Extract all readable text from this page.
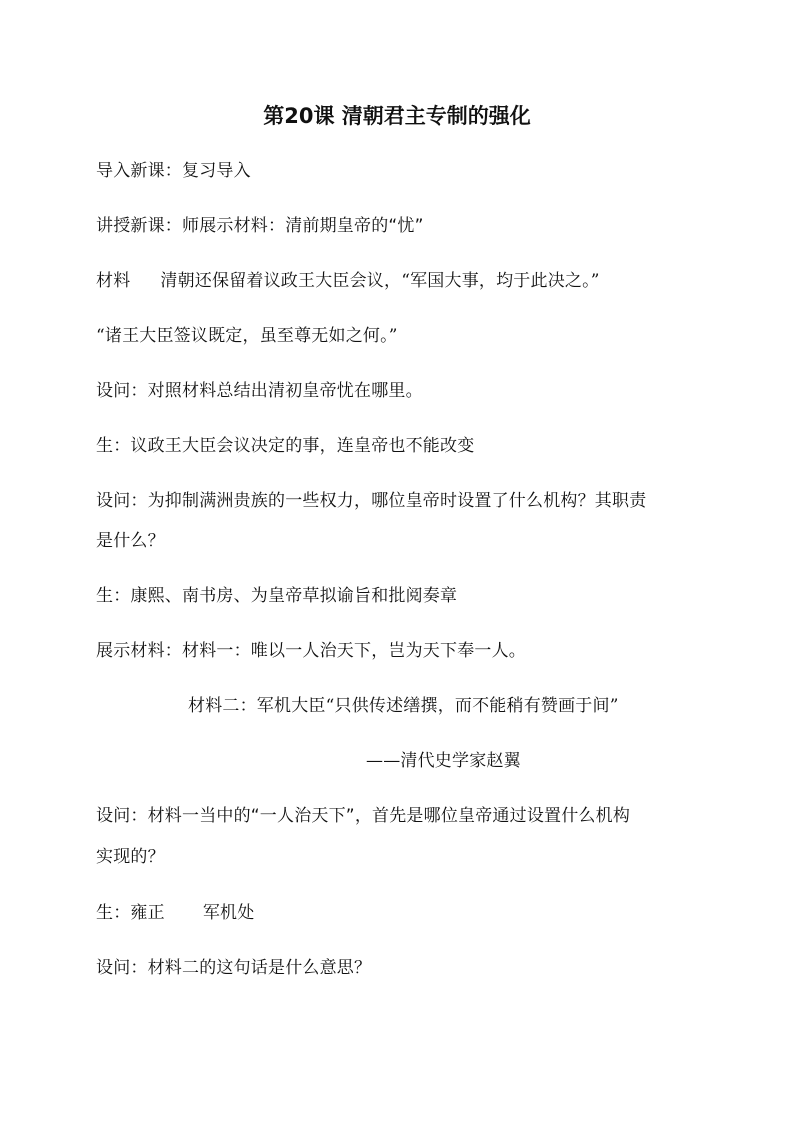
第20课 清朝君主专制的强化
导入新课：复习导入
讲授新课：师展示材料：清前期皇帝的“忧”
材料 清朝还保留着议政王大臣会议，“军国大事，均于此决之。”
“诸王大臣签议既定，虽至尊无如之何。”
设问：对照材料总结出清初皇帝忧在哪里。
生：议政王大臣会议决定的事，连皇帝也不能改变
设问：为抑制满洲贵族的一些权力，哪位皇帝时设置了什么机构？其职责
是什么？
生：康熙、南书房、为皇帝草拟谕旨和批阅奏章
展示材料：材料一：唯以一人治天下，岂为天下奉一人。
材料二：军机大臣“只供传述缮撰，而不能稍有赞画于间”
——清代史学家赵翼
设问：材料一当中的“一人治天下”，首先是哪位皇帝通过设置什么机构
实现的？
生：雍正 军机处
设问：材料二的这句话是什么意思？
